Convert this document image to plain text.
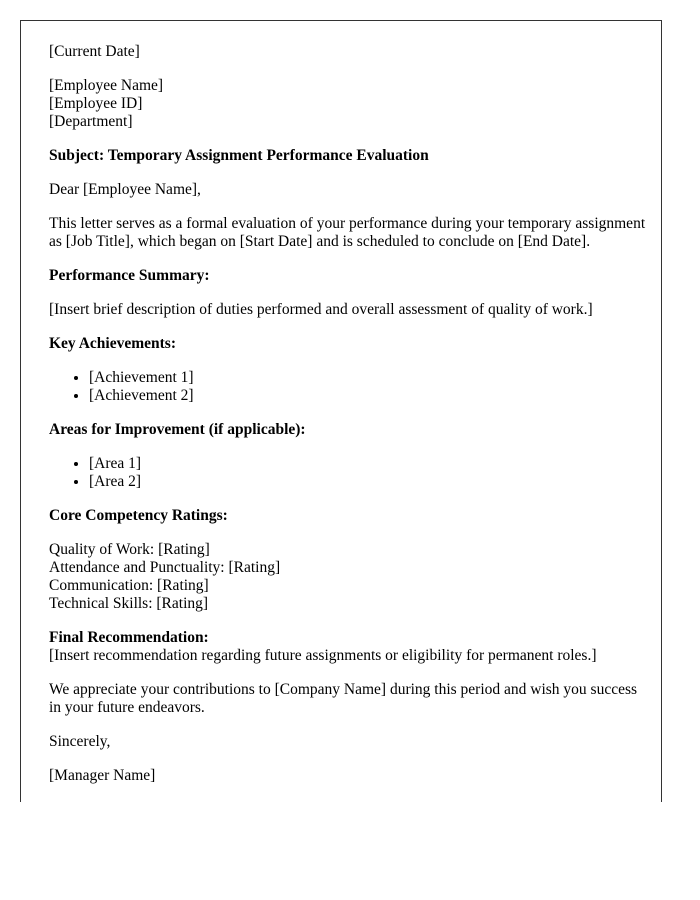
[Current Date]

[Employee Name]
[Employee ID]
[Department]

Subject: Temporary Assignment Performance Evaluation

Dear [Employee Name],

This letter serves as a formal evaluation of your performance during your temporary assignment as [Job Title], which began on [Start Date] and is scheduled to conclude on [End Date].

Performance Summary:

[Insert brief description of duties performed and overall assessment of quality of work.]

Key Achievements:

• [Achievement 1]
• [Achievement 2]

Areas for Improvement (if applicable):

• [Area 1]
• [Area 2]

Core Competency Ratings:

Quality of Work: [Rating]
Attendance and Punctuality: [Rating]
Communication: [Rating]
Technical Skills: [Rating]

Final Recommendation:
[Insert recommendation regarding future assignments or eligibility for permanent roles.]

We appreciate your contributions to [Company Name] during this period and wish you success in your future endeavors.

Sincerely,

[Manager Name]
